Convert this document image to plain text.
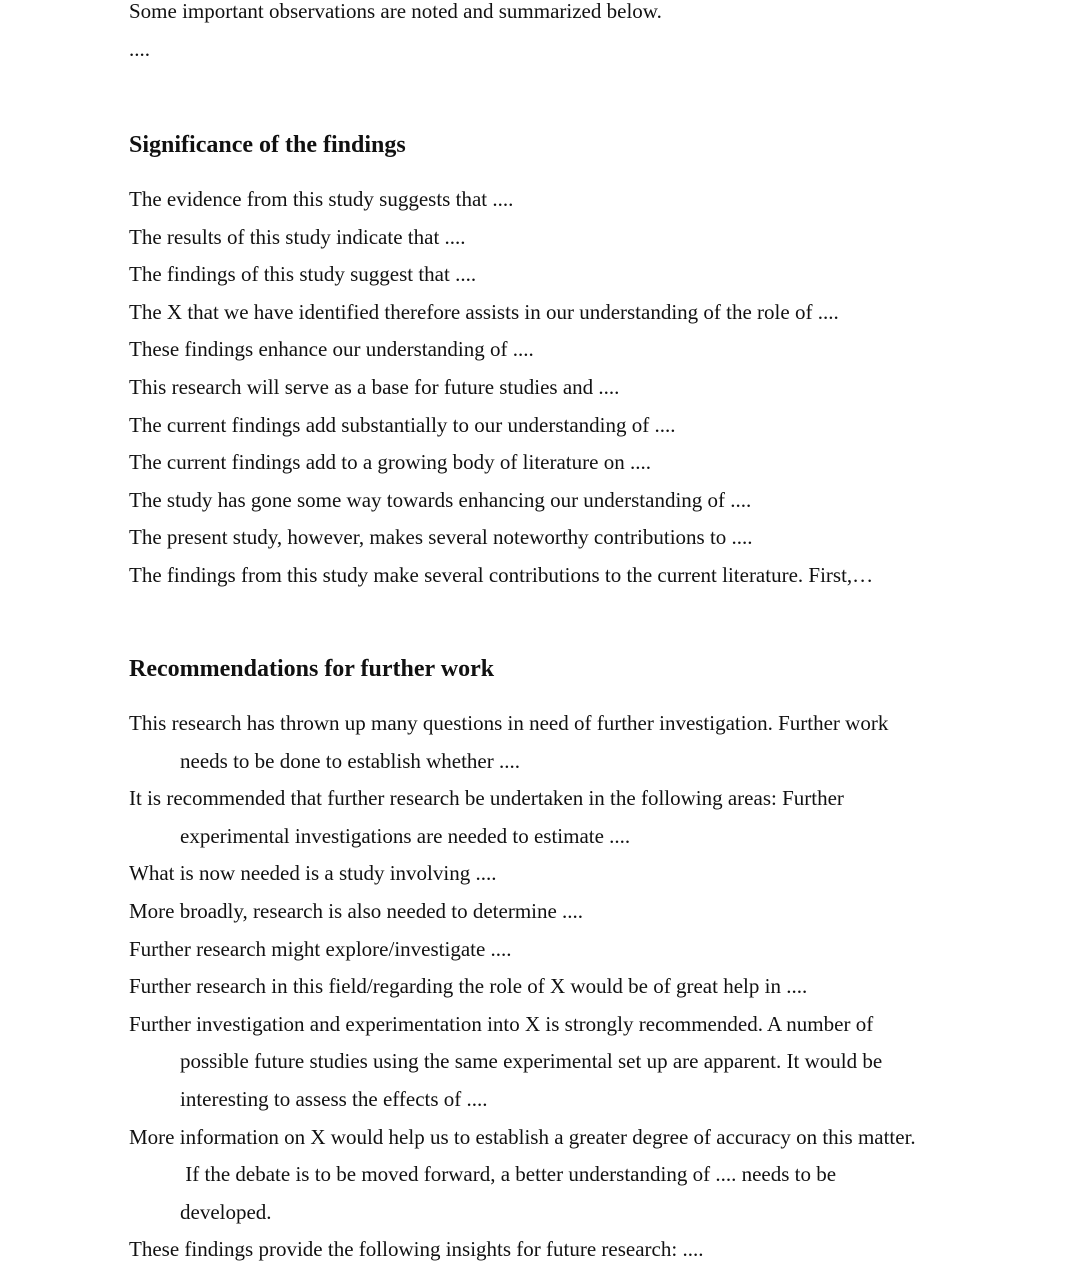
Some important observations are noted and summarized below.
....
Significance of the findings
The evidence from this study suggests that ....
The results of this study indicate that ....
The findings of this study suggest that ....
The X that we have identified therefore assists in our understanding of the role of ....
These findings enhance our understanding of ....
This research will serve as a base for future studies and ....
The current findings add substantially to our understanding of ....
The current findings add to a growing body of literature on ....
The study has gone some way towards enhancing our understanding of ....
The present study, however, makes several noteworthy contributions to ....
The findings from this study make several contributions to the current literature. First,…
Recommendations for further work
This research has thrown up many questions in need of further investigation. Further work
needs to be done to establish whether ....
It is recommended that further research be undertaken in the following areas: Further
experimental investigations are needed to estimate ....
What is now needed is a study involving ....
More broadly, research is also needed to determine ....
Further research might explore/investigate ....
Further research in this field/regarding the role of X would be of great help in ....
Further investigation and experimentation into X is strongly recommended. A number of
possible future studies using the same experimental set up are apparent. It would be
interesting to assess the effects of ....
More information on X would help us to establish a greater degree of accuracy on this matter.
If the debate is to be moved forward, a better understanding of .... needs to be
developed.
These findings provide the following insights for future research: ....
